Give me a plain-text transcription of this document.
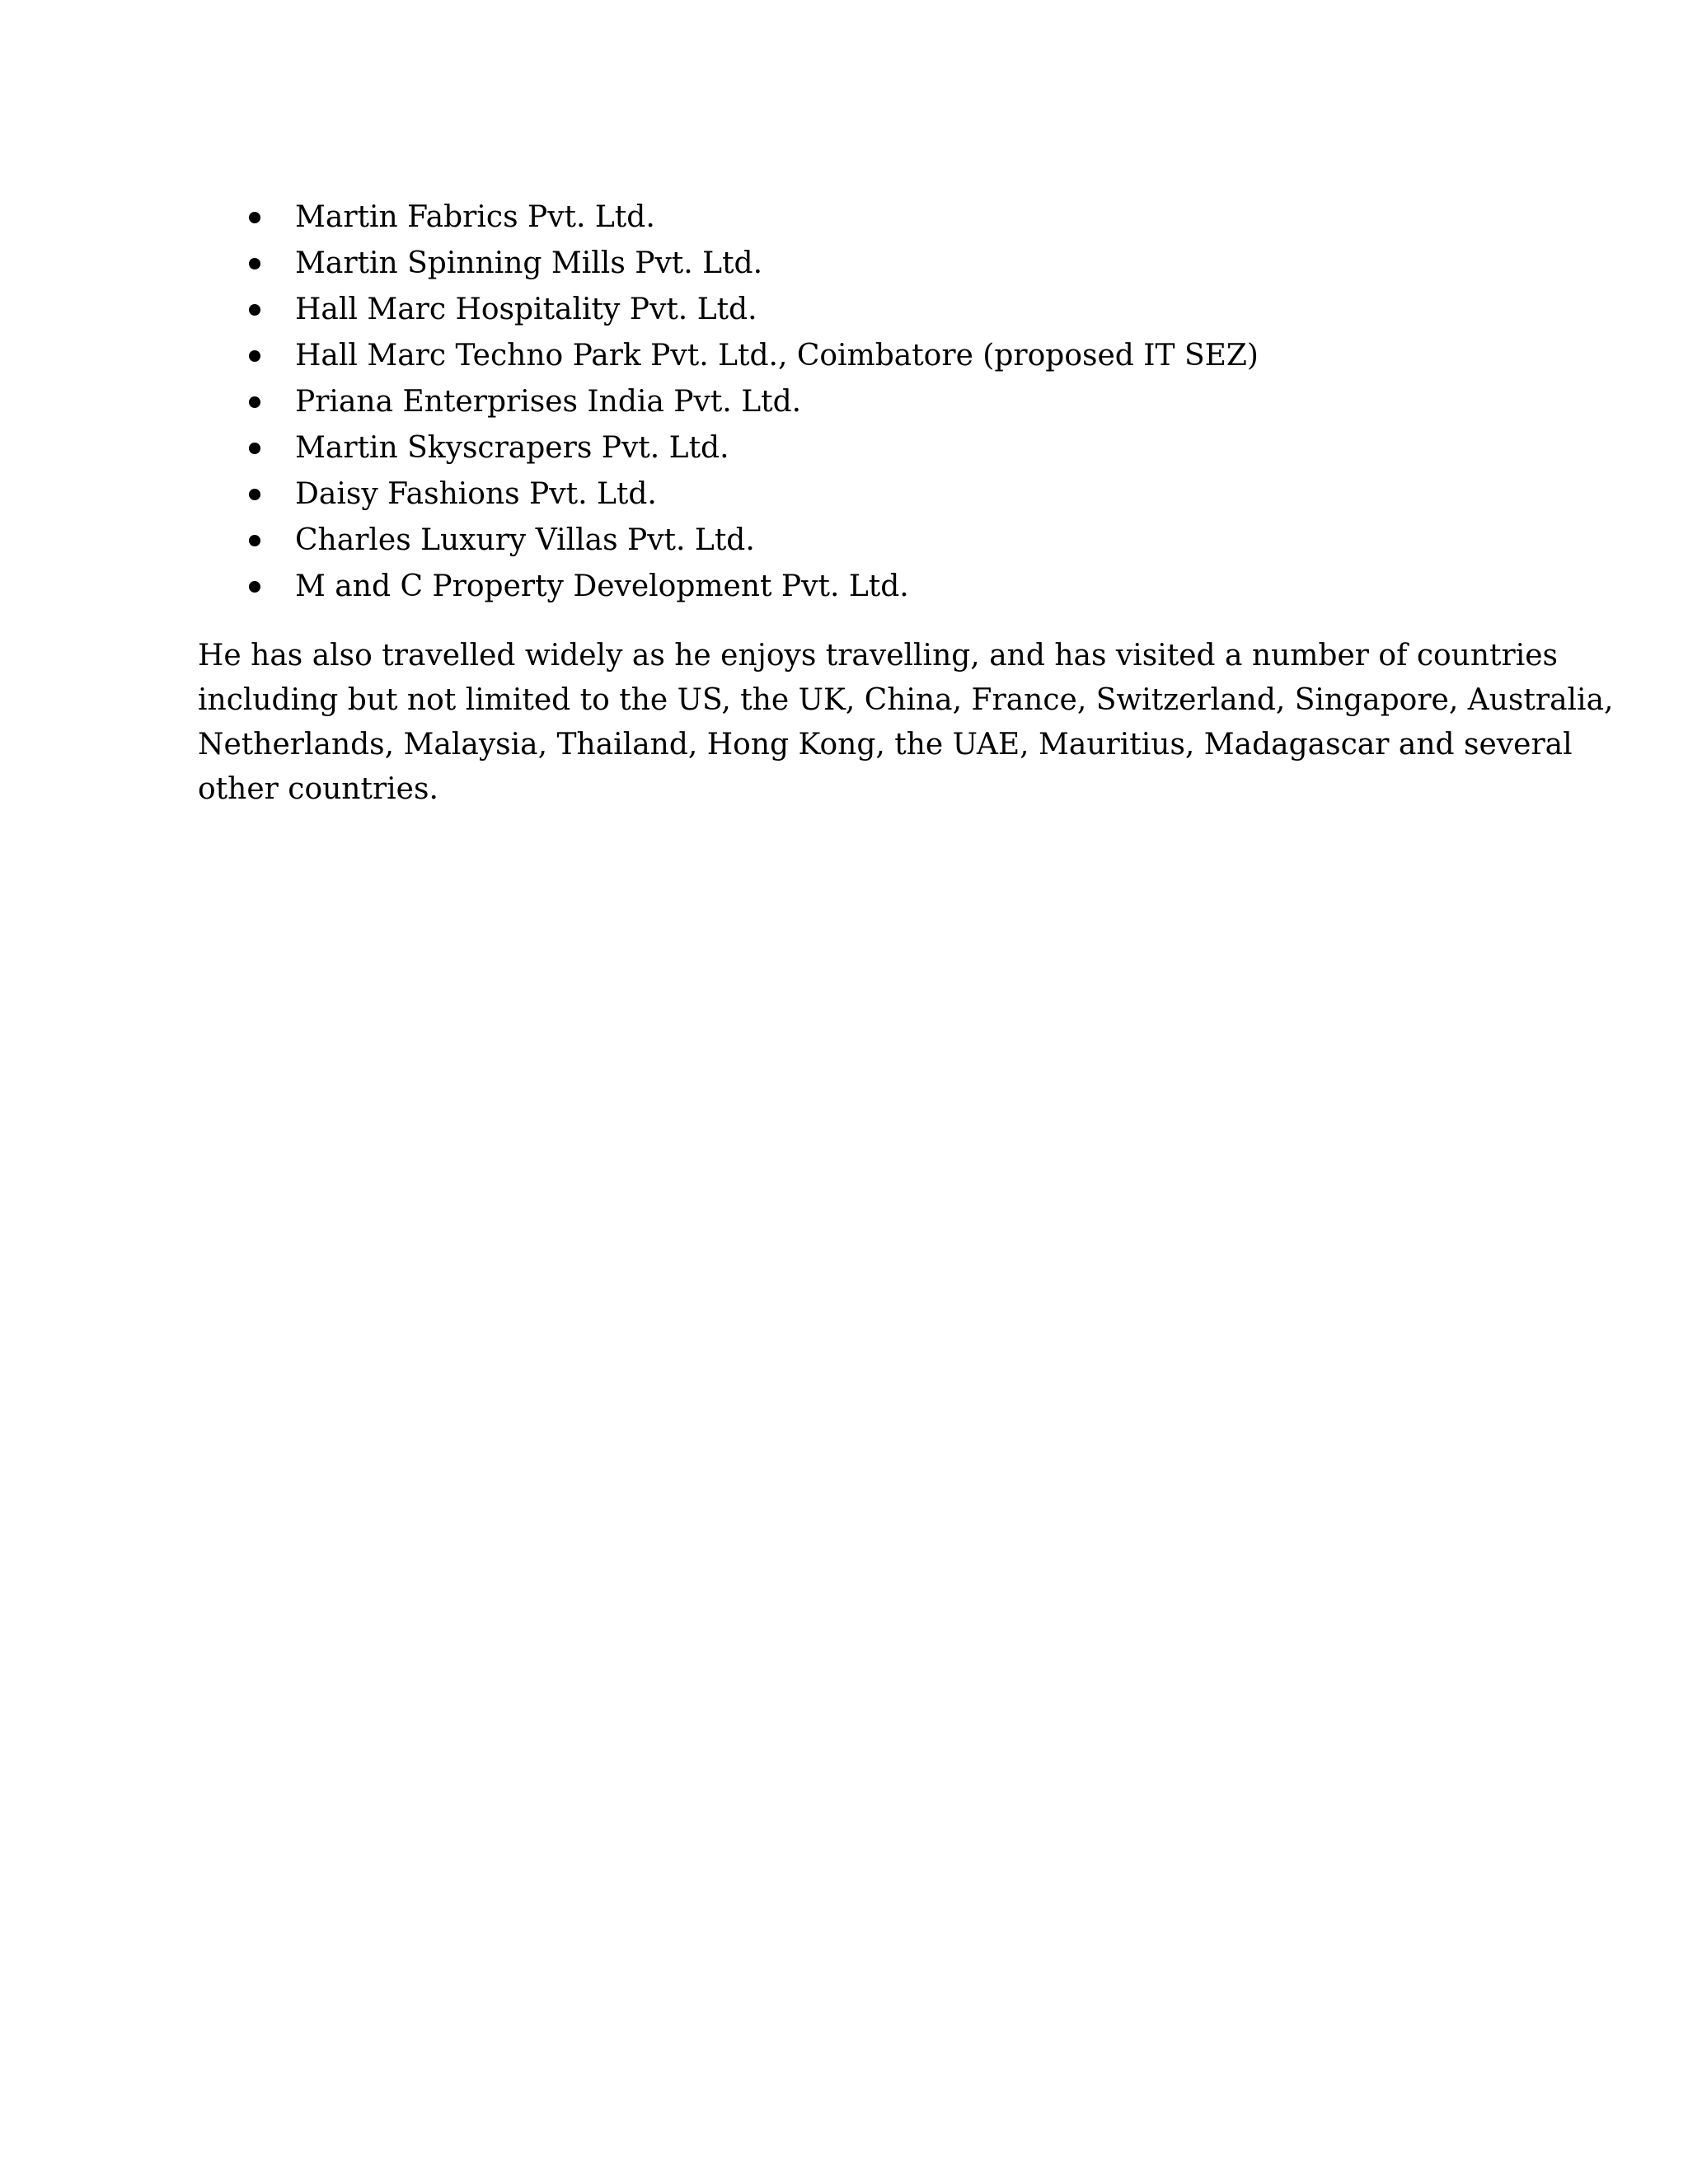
Martin Fabrics Pvt. Ltd.
Martin Spinning Mills Pvt. Ltd.
Hall Marc Hospitality Pvt. Ltd.
Hall Marc Techno Park Pvt. Ltd., Coimbatore (proposed IT SEZ)
Priana Enterprises India Pvt. Ltd.
Martin Skyscrapers Pvt. Ltd.
Daisy Fashions Pvt. Ltd.
Charles Luxury Villas Pvt. Ltd.
M and C Property Development Pvt. Ltd.

He has also travelled widely as he enjoys travelling, and has visited a number of countries
including but not limited to the US, the UK, China, France, Switzerland, Singapore, Australia,
Netherlands, Malaysia, Thailand, Hong Kong, the UAE, Mauritius, Madagascar and several
other countries.
